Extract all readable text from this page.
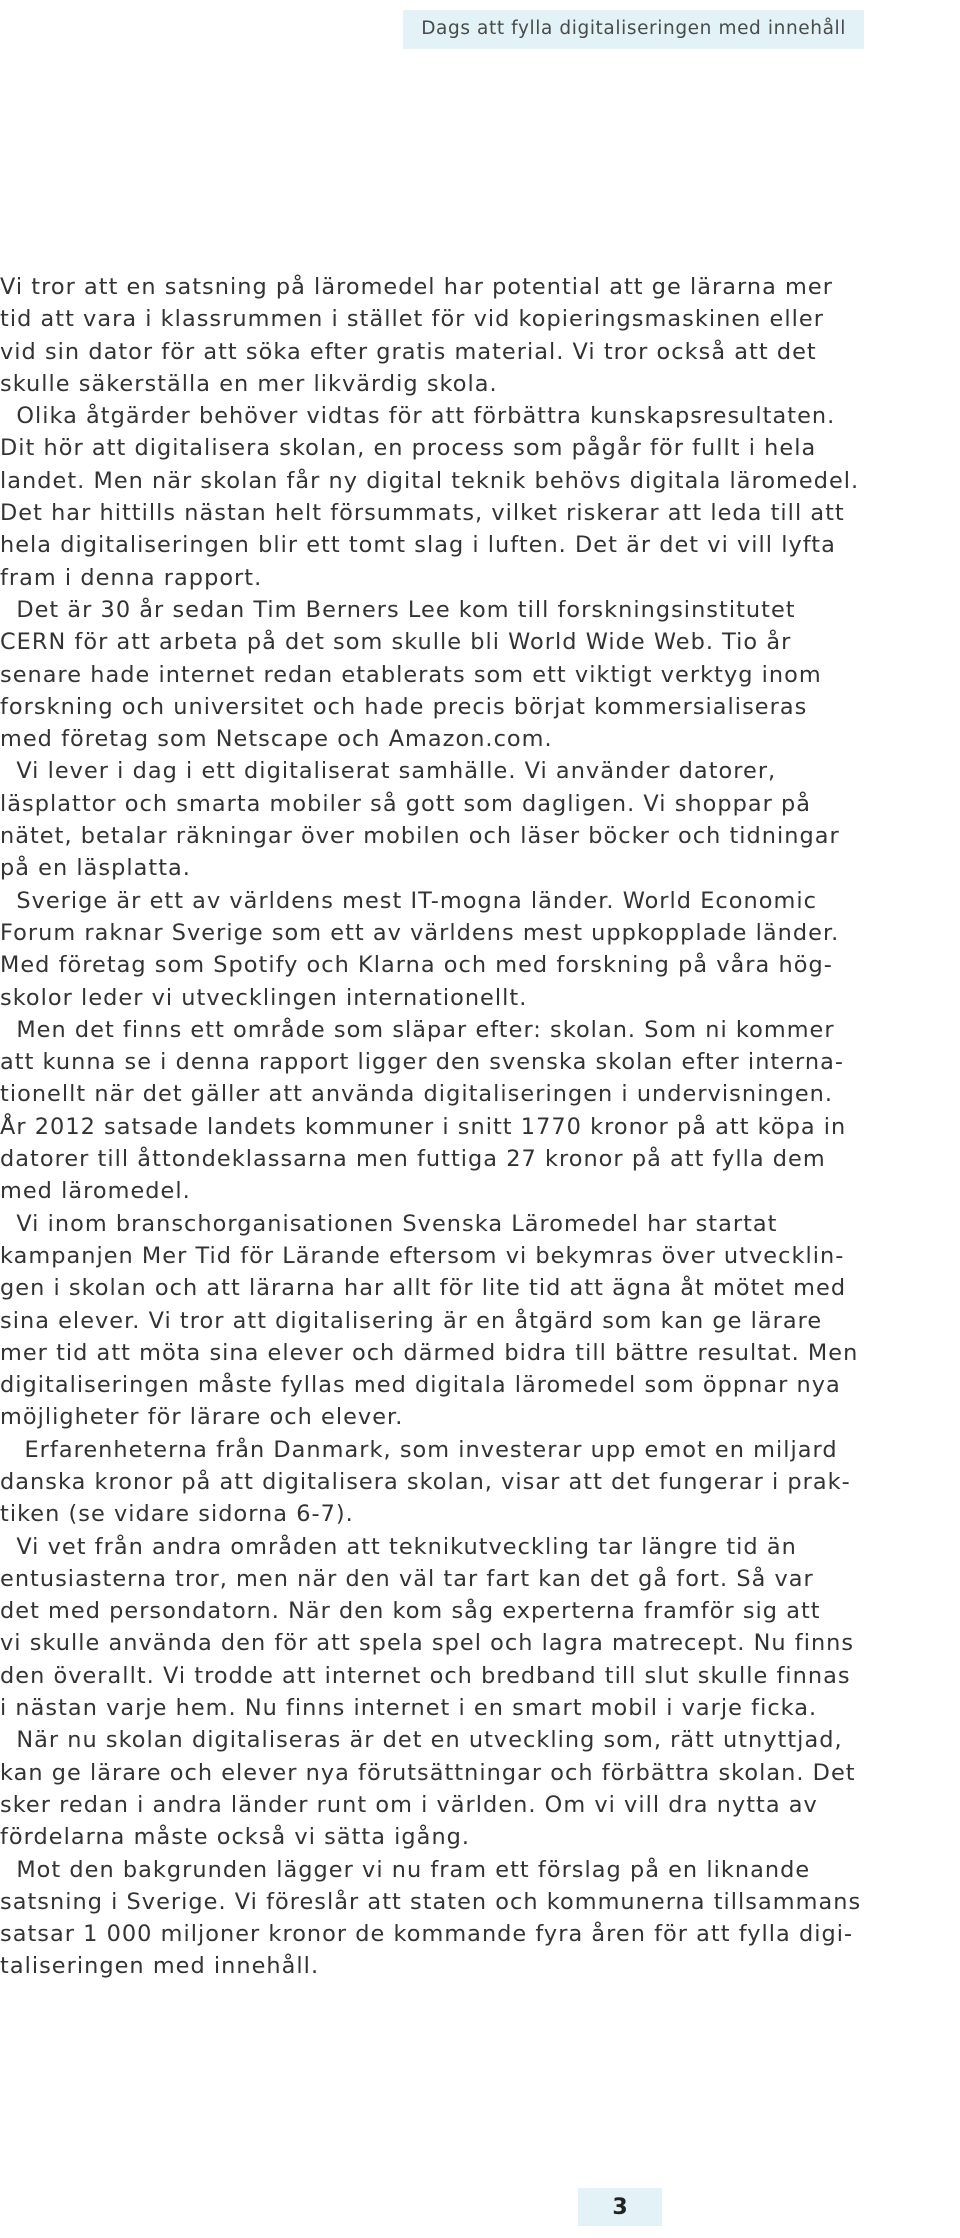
Dags att fylla digitaliseringen med innehåll

Vi tror att en satsning på läromedel har potential att ge lärarna mer
tid att vara i klassrummen i stället för vid kopieringsmaskinen eller
vid sin dator för att söka efter gratis material. Vi tror också att det
skulle säkerställa en mer likvärdig skola.

Olika åtgärder behöver vidtas för att förbättra kunskapsresultaten.
Dit hör att digitalisera skolan, en process som pågår för fullt i hela
landet. Men när skolan får ny digital teknik behövs digitala läromedel.
Det har hittills nästan helt försummats, vilket riskerar att leda till att
hela digitaliseringen blir ett tomt slag i luften. Det är det vi vill lyfta
fram i denna rapport.

Det är 30 år sedan Tim Berners Lee kom till forskningsinstitutet
CERN för att arbeta på det som skulle bli World Wide Web. Tio år
senare hade internet redan etablerats som ett viktigt verktyg inom
forskning och universitet och hade precis börjat kommersialiseras
med företag som Netscape och Amazon.com.

Vi lever i dag i ett digitaliserat samhälle. Vi använder datorer,
läsplattor och smarta mobiler så gott som dagligen. Vi shoppar på
nätet, betalar räkningar över mobilen och läser böcker och tidningar
på en läsplatta.

Sverige är ett av världens mest IT-mogna länder. World Economic
Forum raknar Sverige som ett av världens mest uppkopplade länder.
Med företag som Spotify och Klarna och med forskning på våra hög-
skolor leder vi utvecklingen internationellt.

Men det finns ett område som släpar efter: skolan. Som ni kommer
att kunna se i denna rapport ligger den svenska skolan efter interna-
tionellt när det gäller att använda digitaliseringen i undervisningen.
År 2012 satsade landets kommuner i snitt 1770 kronor på att köpa in
datorer till åttondeklassarna men futtiga 27 kronor på att fylla dem
med läromedel.

Vi inom branschorganisationen Svenska Läromedel har startat
kampanjen Mer Tid för Lärande eftersom vi bekymras över utvecklin-
gen i skolan och att lärarna har allt för lite tid att ägna åt mötet med
sina elever. Vi tror att digitalisering är en åtgärd som kan ge lärare
mer tid att möta sina elever och därmed bidra till bättre resultat. Men
digitaliseringen måste fyllas med digitala läromedel som öppnar nya
möjligheter för lärare och elever.

Erfarenheterna från Danmark, som investerar upp emot en miljard
danska kronor på att digitalisera skolan, visar att det fungerar i prak-
tiken (se vidare sidorna 6-7).

Vi vet från andra områden att teknikutveckling tar längre tid än
entusiasterna tror, men när den väl tar fart kan det gå fort. Så var
det med persondatorn. När den kom såg experterna framför sig att
vi skulle använda den för att spela spel och lagra matrecept. Nu finns
den överallt. Vi trodde att internet och bredband till slut skulle finnas
i nästan varje hem. Nu finns internet i en smart mobil i varje ficka.

När nu skolan digitaliseras är det en utveckling som, rätt utnyttjad,
kan ge lärare och elever nya förutsättningar och förbättra skolan. Det
sker redan i andra länder runt om i världen. Om vi vill dra nytta av
fördelarna måste också vi sätta igång.

Mot den bakgrunden lägger vi nu fram ett förslag på en liknande
satsning i Sverige. Vi föreslår att staten och kommunerna tillsammans
satsar 1 000 miljoner kronor de kommande fyra åren för att fylla digi-
taliseringen med innehåll.

3
